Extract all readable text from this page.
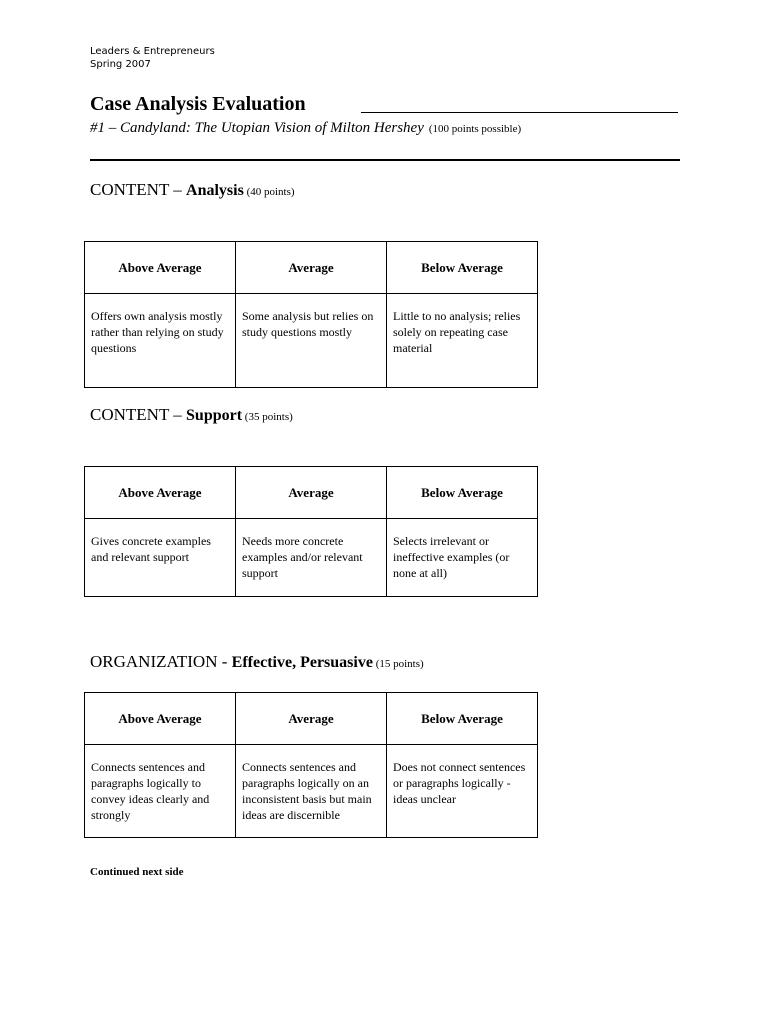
Leaders & Entrepreneurs
Spring 2007
Case Analysis Evaluation
#1 – Candyland: The Utopian Vision of Milton Hershey (100 points possible)
CONTENT – Analysis (40 points)
Above Average	Average	Below Average
Offers own analysis mostly rather than relying on study questions	Some analysis but relies on study questions mostly	Little to no analysis; relies solely on repeating case material
CONTENT – Support (35 points)
Above Average	Average	Below Average
Gives concrete examples and relevant support	Needs more concrete examples and/or relevant support	Selects irrelevant or ineffective examples (or none at all)
ORGANIZATION - Effective, Persuasive (15 points)
Above Average	Average	Below Average
Connects sentences and paragraphs logically to convey ideas clearly and strongly	Connects sentences and paragraphs logically on an inconsistent basis but main ideas are discernible	Does not connect sentences or paragraphs logically -ideas unclear
Continued next side
